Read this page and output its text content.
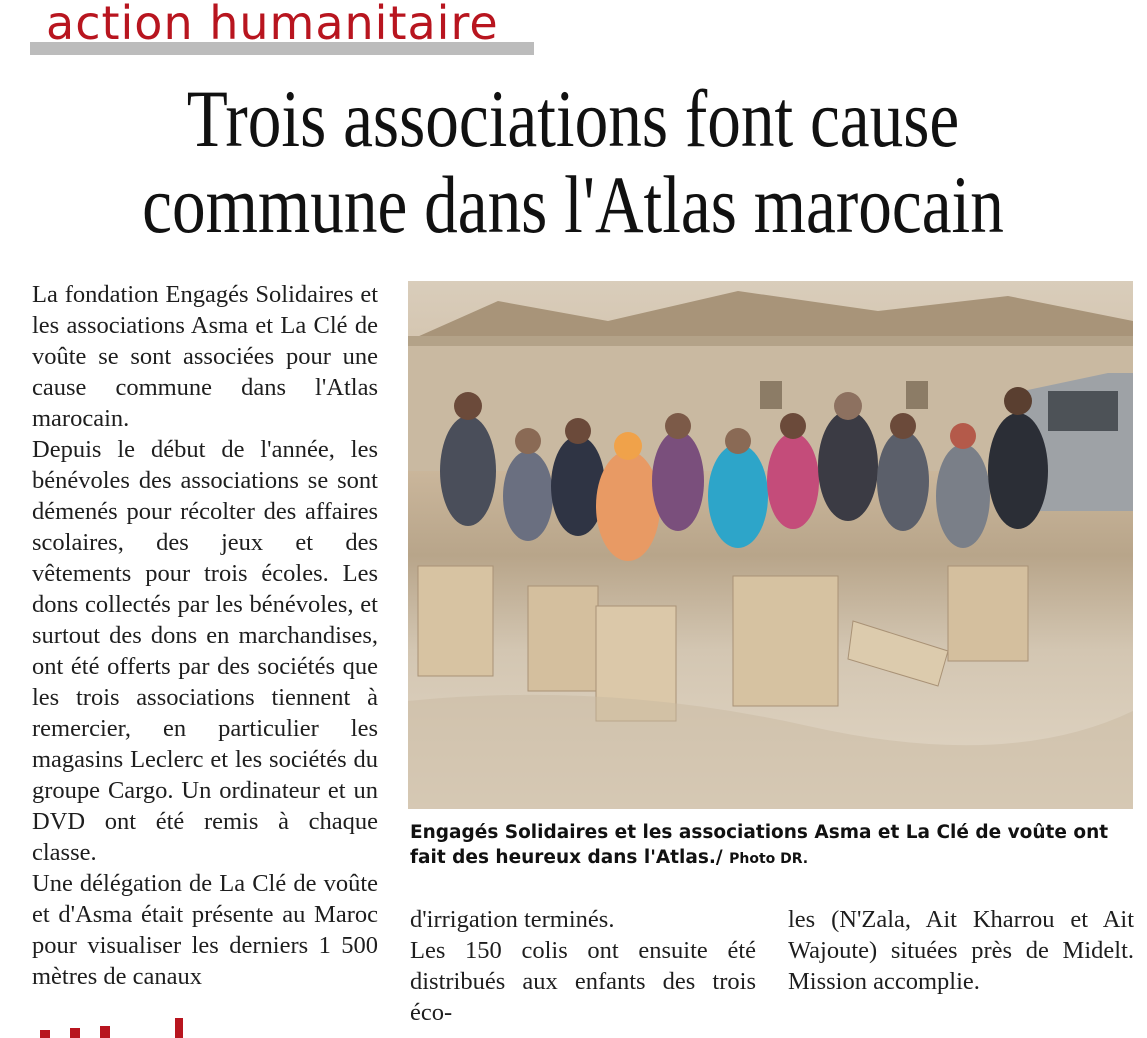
action humanitaire
Trois associations font cause
commune dans l'Atlas marocain

La fondation Engagés Solidaires et les associations Asma et La Clé de voûte se sont associées pour une cause commune dans l'Atlas marocain.

Depuis le début de l'année, les bénévoles des associations se sont démenés pour récolter des affaires scolaires, des jeux et des vêtements pour trois écoles. Les dons collectés par les bénévoles, et surtout des dons en marchandises, ont été offerts par des sociétés que les trois associations tiennent à remercier, en particulier les magasins Leclerc et les sociétés du groupe Cargo. Un ordinateur et un DVD ont été remis à chaque classe.

Une délégation de La Clé de voûte et d'Asma était présente au Maroc pour visualiser les derniers 1 500 mètres de canaux

Engagés Solidaires et les associations Asma et La Clé de voûte ont fait des heureux dans l'Atlas./ Photo DR.

d'irrigation terminés.

Les 150 colis ont ensuite été distribués aux enfants des trois éco-

les (N'Zala, Ait Kharrou et Ait Wajoute) situées près de Midelt. Mission accomplie.
